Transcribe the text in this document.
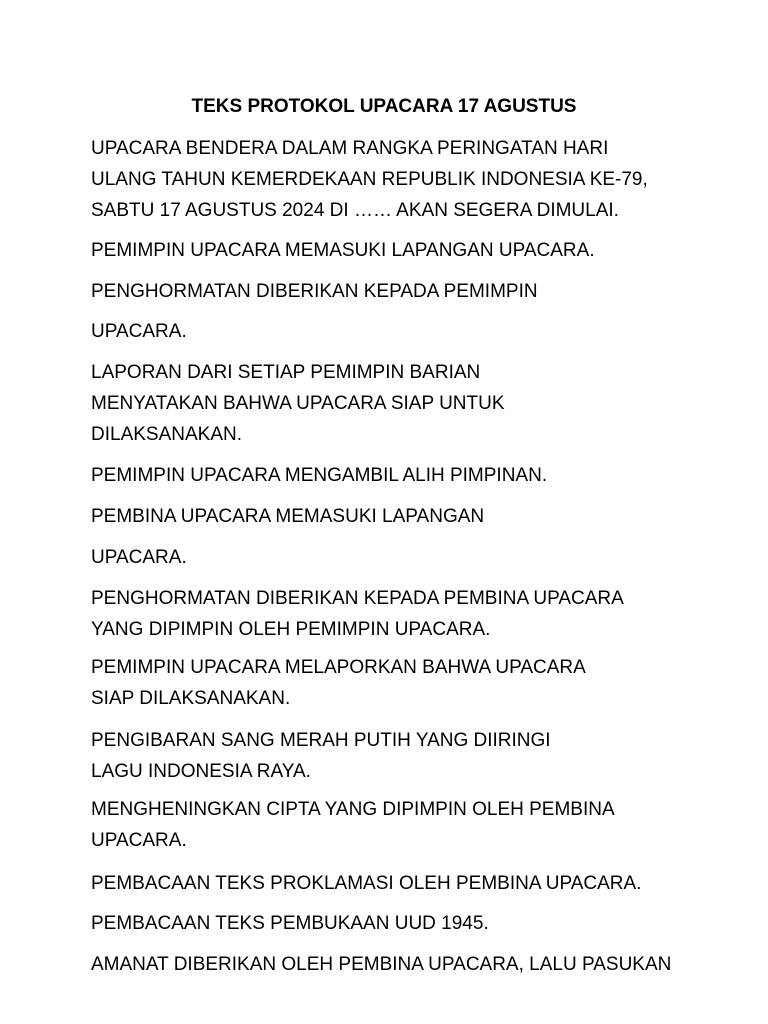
TEKS PROTOKOL UPACARA 17 AGUSTUS

UPACARA BENDERA DALAM RANGKA PERINGATAN HARI

ULANG TAHUN KEMERDEKAAN REPUBLIK INDONESIA KE-79,

SABTU 17 AGUSTUS 2024 DI …… AKAN SEGERA DIMULAI.

PEMIMPIN UPACARA MEMASUKI LAPANGAN UPACARA.

PENGHORMATAN DIBERIKAN KEPADA PEMIMPIN

UPACARA.

LAPORAN DARI SETIAP PEMIMPIN BARIAN

MENYATAKAN BAHWA UPACARA SIAP UNTUK

DILAKSANAKAN.

PEMIMPIN UPACARA MENGAMBIL ALIH PIMPINAN.

PEMBINA UPACARA MEMASUKI LAPANGAN

UPACARA.

PENGHORMATAN DIBERIKAN KEPADA PEMBINA UPACARA

YANG DIPIMPIN OLEH PEMIMPIN UPACARA.

PEMIMPIN UPACARA MELAPORKAN BAHWA UPACARA

SIAP DILAKSANAKAN.

PENGIBARAN SANG MERAH PUTIH YANG DIIRINGI

LAGU INDONESIA RAYA.

MENGHENINGKAN CIPTA YANG DIPIMPIN OLEH PEMBINA

UPACARA.

PEMBACAAN TEKS PROKLAMASI OLEH PEMBINA UPACARA.

PEMBACAAN TEKS PEMBUKAAN UUD 1945.

AMANAT DIBERIKAN OLEH PEMBINA UPACARA, LALU PASUKAN
